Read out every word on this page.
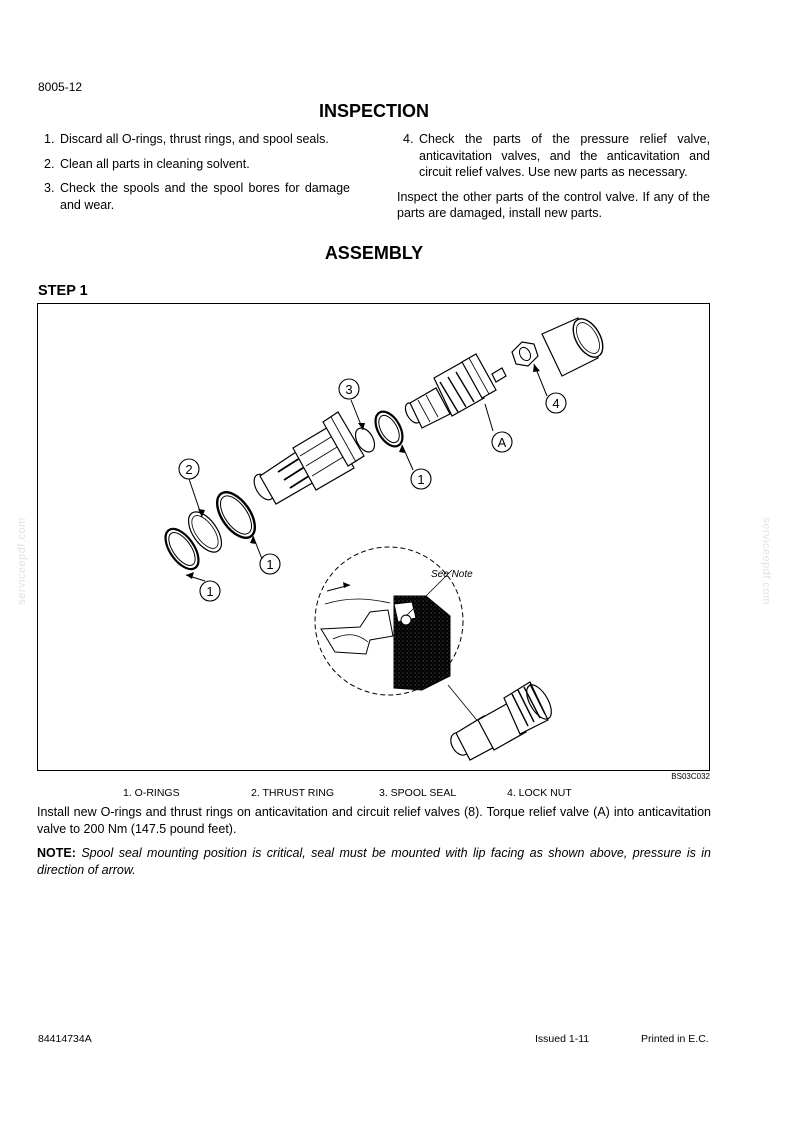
8005-12
INSPECTION
1. Discard all O-rings, thrust rings, and spool seals.
2. Clean all parts in cleaning solvent.
3. Check the spools and the spool bores for damage and wear.
4. Check the parts of the pressure relief valve, anticavitation valves, and the anticavitation and circuit relief valves. Use new parts as necessary.
Inspect the other parts of the control valve. If any of the parts are damaged, install new parts.
ASSEMBLY
STEP 1
2
1
1
3
1
A
4
See Note
BS03C032
1. O-RINGS	2. THRUST RING	3. SPOOL SEAL	4. LOCK NUT
Install new O-rings and thrust rings on anticavitation and circuit relief valves (8). Torque relief valve (A) into anticavitation valve to 200 Nm (147.5 pound feet).
NOTE: Spool seal mounting position is critical, seal must be mounted with lip facing as shown above, pressure is in direction of arrow.
84414734A	Issued 1-11	Printed in E.C.
serviceepdf.com	serviceepdf.com
